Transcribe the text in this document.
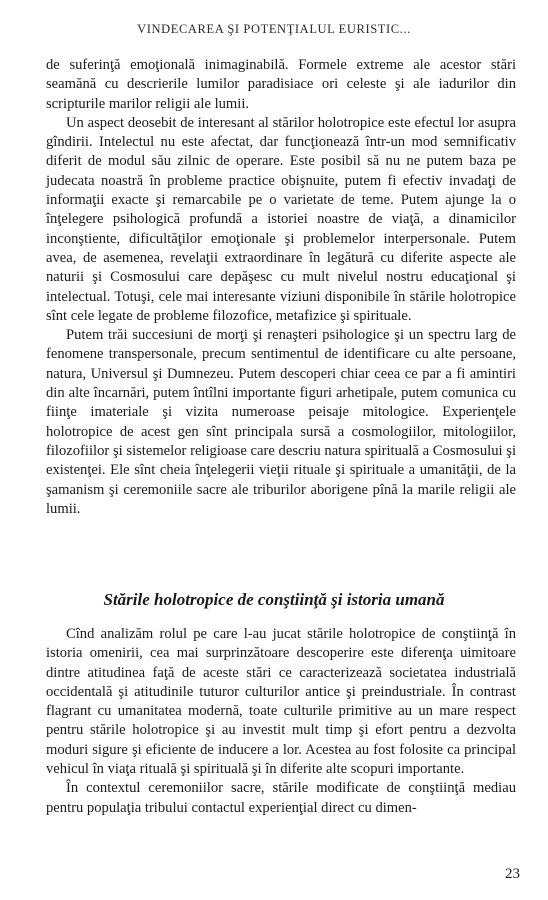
VINDECAREA ŞI POTENŢIALUL EURISTIC...

de suferinţă emoţională inimaginabilă. Formele extreme ale acestor stări seamănă cu descrierile lumilor paradisiace ori celeste şi ale iadurilor din scripturile marilor religii ale lumii.

Un aspect deosebit de interesant al stărilor holotropice este efectul lor asupra gîndirii. Intelectul nu este afectat, dar funcţionează într-un mod semnificativ diferit de modul său zilnic de operare. Este posibil să nu ne putem baza pe judecata noastră în probleme practice obişnuite, putem fi efectiv invadaţi de informaţii exacte şi remarcabile pe o varietate de teme. Putem ajunge la o înţelegere psihologică profundă a istoriei noastre de viaţă, a dinamicilor inconştiente, dificultăţilor emoţionale şi problemelor interpersonale. Putem avea, de asemenea, revelaţii extraordinare în legătură cu diferite aspecte ale naturii şi Cosmosului care depăşesc cu mult nivelul nostru educaţional şi intelectual. Totuşi, cele mai interesante viziuni disponibile în stările holotropice sînt cele legate de probleme filozofice, metafizice şi spirituale.

Putem trăi succesiuni de morţi şi renaşteri psihologice şi un spectru larg de fenomene transpersonale, precum sentimentul de identificare cu alte persoane, natura, Universul şi Dumnezeu. Putem descoperi chiar ceea ce par a fi amintiri din alte încarnări, putem întîlni importante figuri arhetipale, putem comunica cu fiinţe imateriale şi vizita numeroase peisaje mitologice. Experienţele holotropice de acest gen sînt principala sursă a cosmologiilor, mitologiilor, filozofiilor şi sistemelor religioase care descriu natura spirituală a Cosmosului şi existenţei. Ele sînt cheia înţelegerii vieţii rituale şi spirituale a umanităţii, de la şamanism şi ceremoniile sacre ale triburilor aborigene pînă la marile religii ale lumii.

Stările holotropice de conştiinţă şi istoria umană

Cînd analizăm rolul pe care l-au jucat stările holotropice de conştiinţă în istoria omenirii, cea mai surprinzătoare descoperire este diferenţa uimitoare dintre atitudinea faţă de aceste stări ce caracterizează societatea industrială occidentală şi atitudinile tuturor culturilor antice şi preindustriale. În contrast flagrant cu umanitatea modernă, toate culturile primitive au un mare respect pentru stările holotropice şi au investit mult timp şi efort pentru a dezvolta moduri sigure şi eficiente de inducere a lor. Acestea au fost folosite ca principal vehicul în viaţa rituală şi spirituală şi în diferite alte scopuri importante.

În contextul ceremoniilor sacre, stările modificate de conştiinţă mediau pentru populaţia tribului contactul experienţial direct cu dimen-

23
